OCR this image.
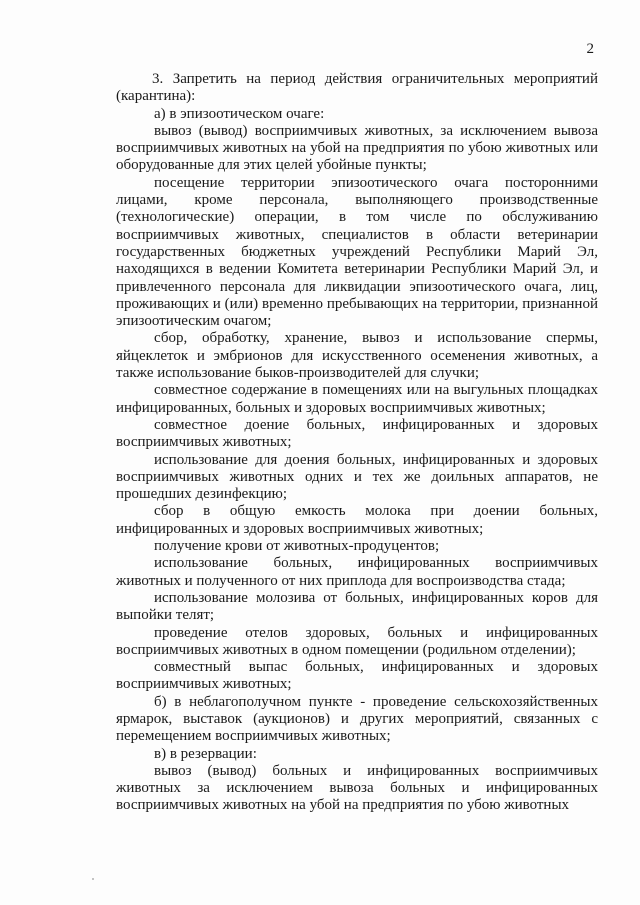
2

3. Запретить на период действия ограничительных мероприятий (карантина):

а) в эпизоотическом очаге:

вывоз (вывод) восприимчивых животных, за исключением вывоза восприимчивых животных на убой на предприятия по убою животных или оборудованные для этих целей убойные пункты;

посещение территории эпизоотического очага посторонними лицами, кроме персонала, выполняющего производственные (технологические) операции, в том числе по обслуживанию восприимчивых животных, специалистов в области ветеринарии государственных бюджетных учреждений Республики Марий Эл, находящихся в ведении Комитета ветеринарии Республики Марий Эл, и привлеченного персонала для ликвидации эпизоотического очага, лиц, проживающих и (или) временно пребывающих на территории, признанной эпизоотическим очагом;

сбор, обработку, хранение, вывоз и использование спермы, яйцеклеток и эмбрионов для искусственного осеменения животных, а также использование быков-производителей для случки;

совместное содержание в помещениях или на выгульных площадках инфицированных, больных и здоровых восприимчивых животных;

совместное доение больных, инфицированных и здоровых восприимчивых животных;

использование для доения больных, инфицированных и здоровых восприимчивых животных одних и тех же доильных аппаратов, не прошедших дезинфекцию;

сбор в общую емкость молока при доении больных, инфицированных и здоровых восприимчивых животных;

получение крови от животных-продуцентов;

использование больных, инфицированных восприимчивых животных и полученного от них приплода для воспроизводства стада;

использование молозива от больных, инфицированных коров для выпойки телят;

проведение отелов здоровых, больных и инфицированных восприимчивых животных в одном помещении (родильном отделении);

совместный выпас больных, инфицированных и здоровых восприимчивых животных;

б) в неблагополучном пункте - проведение сельскохозяйственных ярмарок, выставок (аукционов) и других мероприятий, связанных с перемещением восприимчивых животных;

в) в резервации:

вывоз (вывод) больных и инфицированных восприимчивых животных за исключением вывоза больных и инфицированных восприимчивых животных на убой на предприятия по убою животных
